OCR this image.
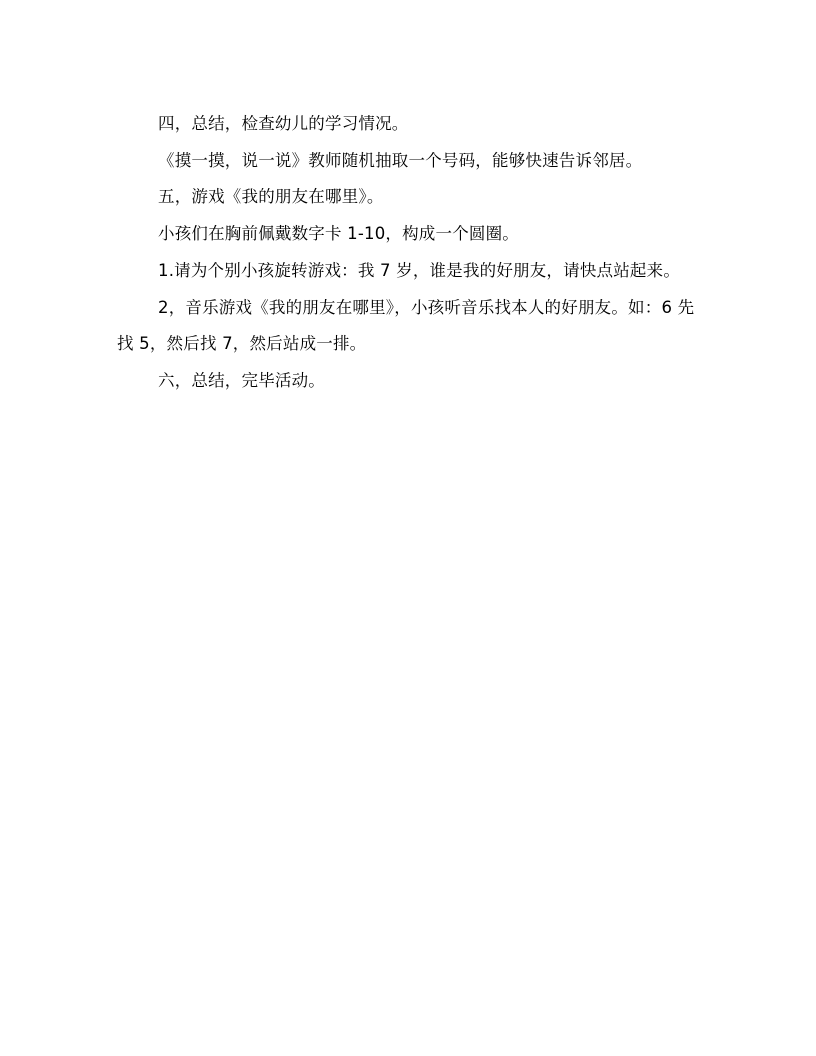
四，总结，检查幼儿的学习情况。

《摸一摸，说一说》教师随机抽取一个号码，能够快速告诉邻居。

五，游戏《我的朋友在哪里》。

小孩们在胸前佩戴数字卡 1-10，构成一个圆圈。

1.请为个别小孩旋转游戏：我 7 岁，谁是我的好朋友，请快点站起来。

2，音乐游戏《我的朋友在哪里》，小孩听音乐找本人的好朋友。如：6 先找 5，然后找 7，然后站成一排。

六，总结，完毕活动。
